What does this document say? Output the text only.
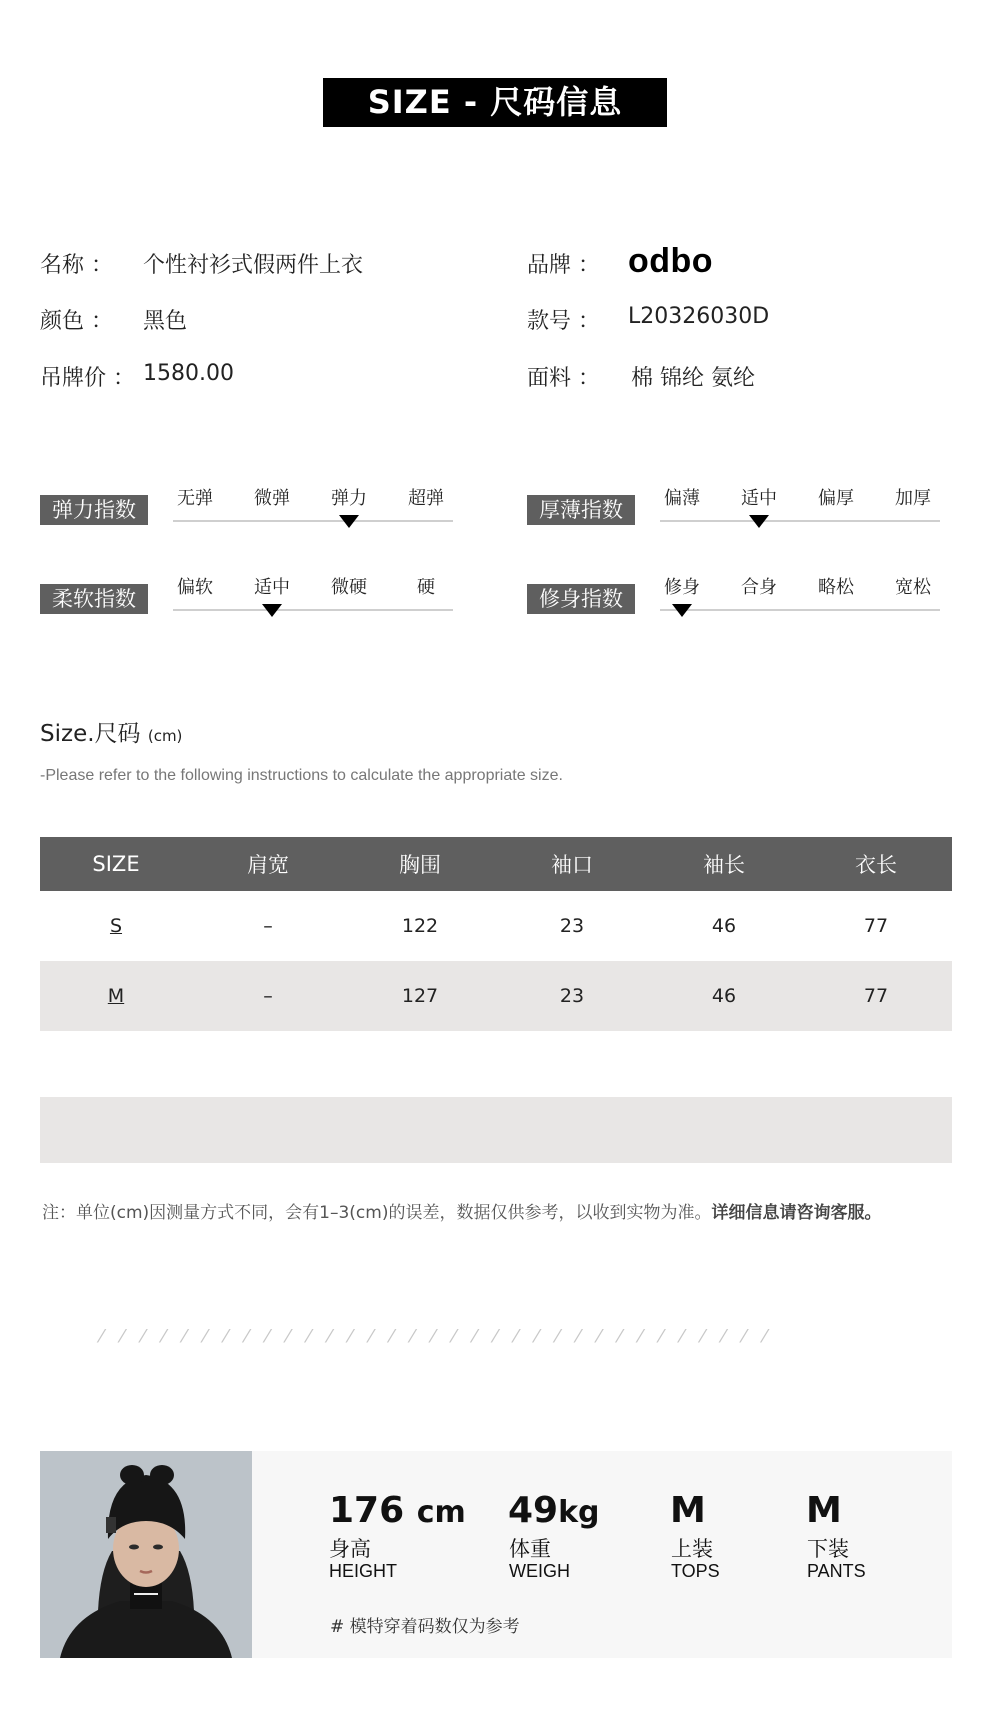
SIZE - 尺码信息
名称 ： 个性衬衫式假两件上衣
颜色 ： 黑色
吊牌价 ： 1580.00
品牌 ： odbo
款号 ： L20326030D
面料 ： 棉 锦纶 氨纶
弹力指数	无弹	微弹	弹力	超弹	厚薄指数	偏薄	适中	偏厚	加厚
柔软指数	偏软	适中	微硬	硬	修身指数	修身	合身	略松	宽松
Size.尺码 (cm)
-Please refer to the following instructions to calculate the appropriate size.
SIZE	肩宽	胸围	袖口	袖长	衣长
S	–	122	23	46	77
M	–	127	23	46	77
注：单位(cm)因测量方式不同，会有1–3(cm)的误差，数据仅供参考，以收到实物为准。详细信息请咨询客服。
⁄ ⁄ ⁄ ⁄ ⁄ ⁄ ⁄ ⁄ ⁄ ⁄ ⁄ ⁄ ⁄ ⁄ ⁄ ⁄ ⁄ ⁄ ⁄ ⁄ ⁄ ⁄ ⁄ ⁄ ⁄ ⁄ ⁄ ⁄ ⁄ ⁄ ⁄ ⁄ ⁄
176 cm
身高
HEIGHT
49kg
体重
WEIGH
M
上装
TOPS
M
下装
PANTS
# 模特穿着码数仅为参考
